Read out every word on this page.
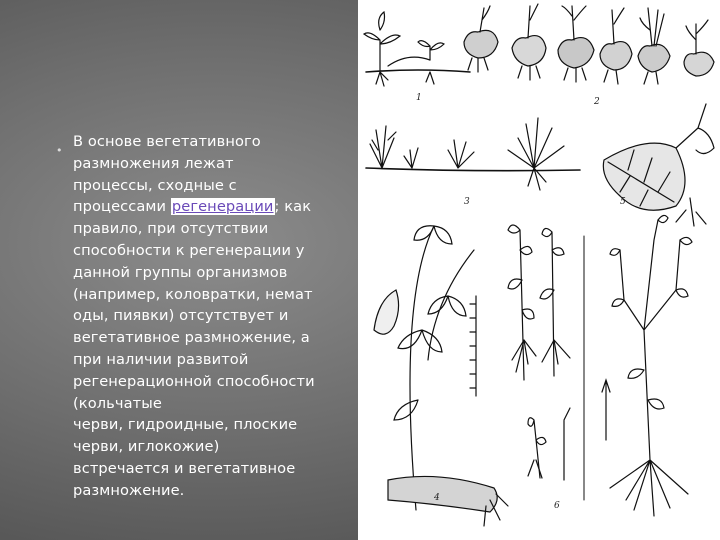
•
В основе вегетативного
размножения лежат
процессы, сходные с
процессами регенерации; как
правило, при отсутствии
способности к регенерации у
данной группы организмов
(например, коловратки, немат
оды, пиявки) отсутствует и
вегетативное размножение, а
при наличии развитой
регенерационной способности
(кольчатые
черви, гидроидные, плоские
черви, иглокожие)
встречается и вегетативное
размножение.
1	2
3	5
4
6
